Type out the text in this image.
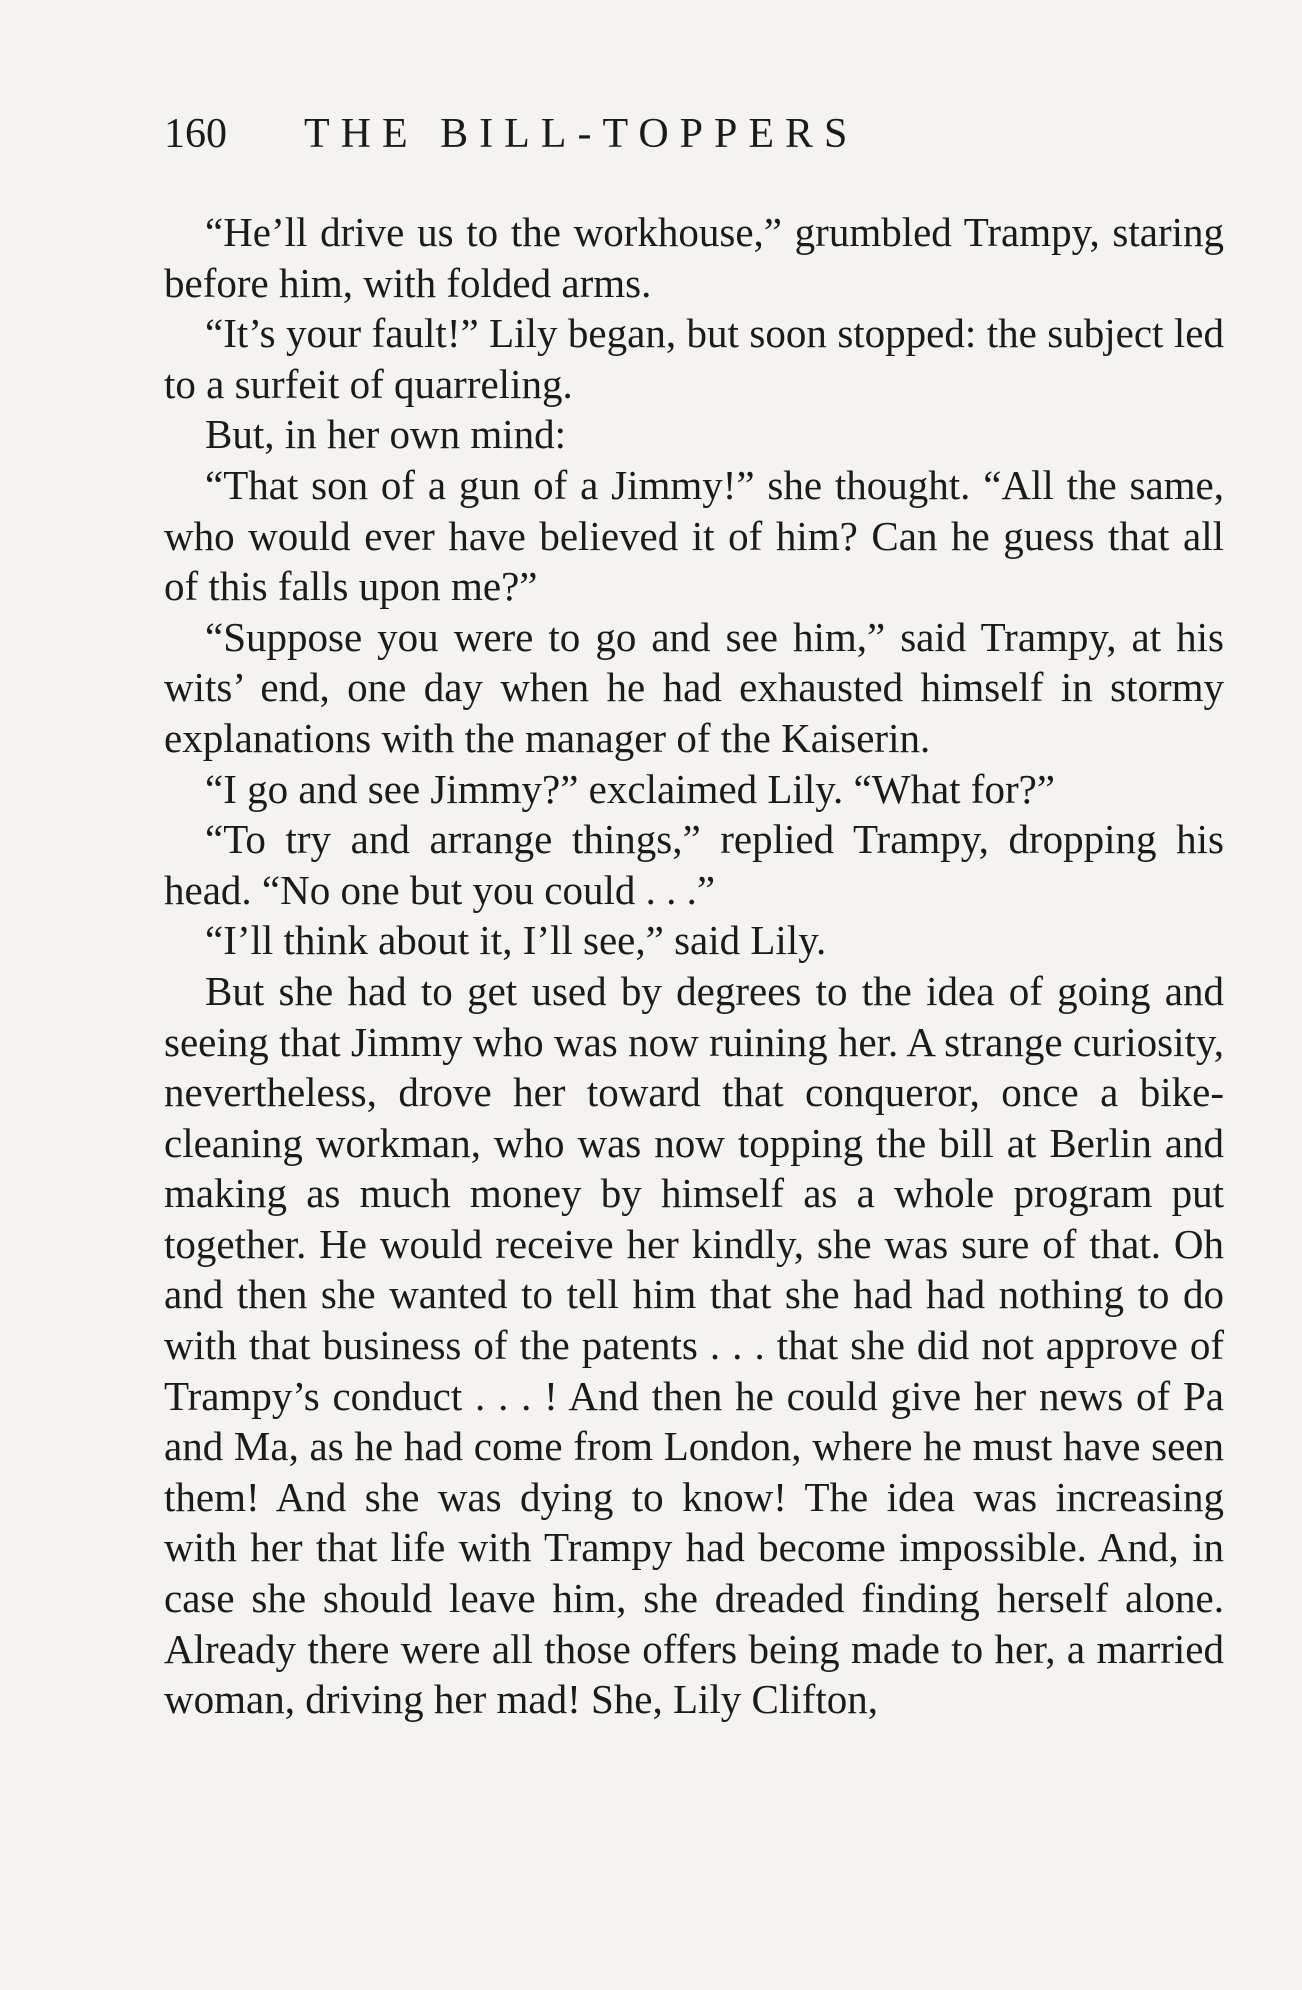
160 THE BILL-TOPPERS

“He’ll drive us to the workhouse,” grumbled Trampy, staring before him, with folded arms.

“It’s your fault!” Lily began, but soon stopped: the subject led to a surfeit of quarreling.

But, in her own mind:

“That son of a gun of a Jimmy!” she thought. “All the same, who would ever have believed it of him? Can he guess that all of this falls upon me?”

“Suppose you were to go and see him,” said Trampy, at his wits’ end, one day when he had exhausted himself in stormy explanations with the manager of the Kaiserin.

“I go and see Jimmy?” exclaimed Lily. “What for?”

“To try and arrange things,” replied Trampy, dropping his head. “No one but you could . . .”

“I’ll think about it, I’ll see,” said Lily.

But she had to get used by degrees to the idea of going and seeing that Jimmy who was now ruining her. A strange curiosity, nevertheless, drove her toward that conqueror, once a bike-cleaning workman, who was now topping the bill at Berlin and making as much money by himself as a whole program put together. He would receive her kindly, she was sure of that. Oh and then she wanted to tell him that she had had nothing to do with that business of the patents . . . that she did not approve of Trampy’s conduct . . . ! And then he could give her news of Pa and Ma, as he had come from London, where he must have seen them! And she was dying to know! The idea was increasing with her that life with Trampy had become impossible. And, in case she should leave him, she dreaded finding herself alone. Already there were all those offers being made to her, a married woman, driving her mad! She, Lily Clifton,
